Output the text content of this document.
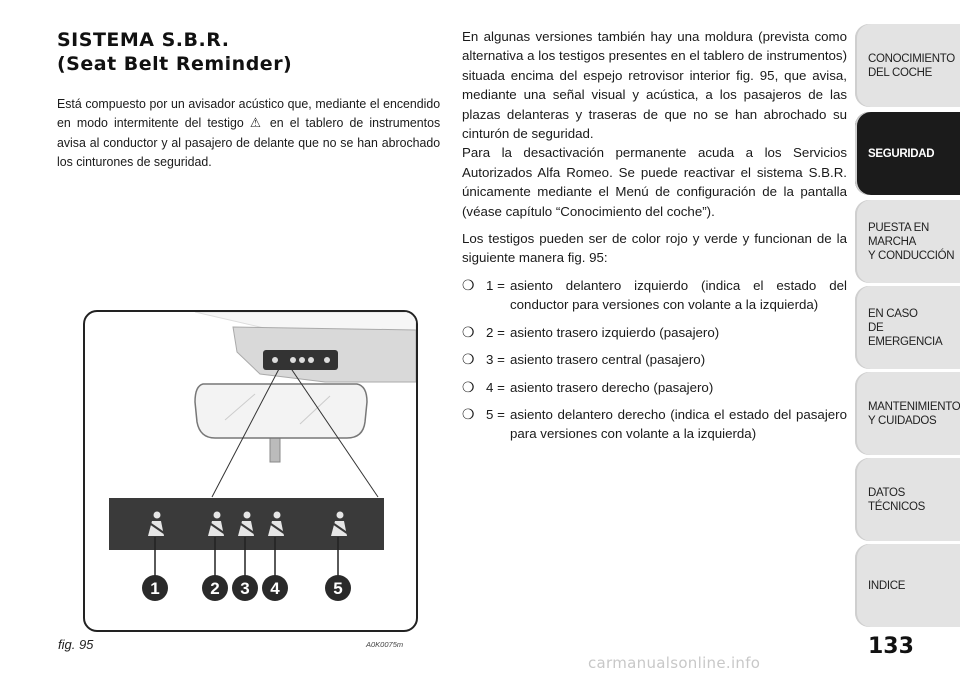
SISTEMA S.B.R.
(Seat Belt Reminder)
Está compuesto por un avisador acústico que, mediante el encendido en modo intermitente del testigo ⚠ en el tablero de instrumentos avisa al conductor y al pasajero de delante que no se han abrochado los cinturones de seguridad.

En algunas versiones también hay una moldura (prevista como alternativa a los testigos presentes en el tablero de instrumentos) situada encima del espejo retrovisor interior fig. 95, que avisa, mediante una señal visual y acústica, a los pasajeros de las plazas delanteras y traseras de que no se han abrochado su cinturón de seguridad.

Para la desactivación permanente acuda a los Servicios Autorizados Alfa Romeo. Se puede reactivar el sistema S.B.R. únicamente mediante el Menú de configuración de la pantalla (véase capítulo “Conocimiento del coche”).

Los testigos pueden ser de color rojo y verde y funcionan de la siguiente manera fig. 95:

❍ 1 = asiento delantero izquierdo (indica el estado del conductor para versiones con volante a la izquierda)
❍ 2 = asiento trasero izquierdo (pasajero)
❍ 3 = asiento trasero central (pasajero)
❍ 4 = asiento trasero derecho (pasajero)
❍ 5 = asiento delantero derecho (indica el estado del pasajero para versiones con volante a la izquierda)
1	2 3 4	5
fig. 95	A0K0075m
CONOCIMIENTO
DEL COCHE
SEGURIDAD
PUESTA EN MARCHA
Y CONDUCCIÓN
EN CASO
DE EMERGENCIA
MANTENIMIENTO
Y CUIDADOS
DATOS TÉCNICOS
INDICE
133
carmanualsonline.info
